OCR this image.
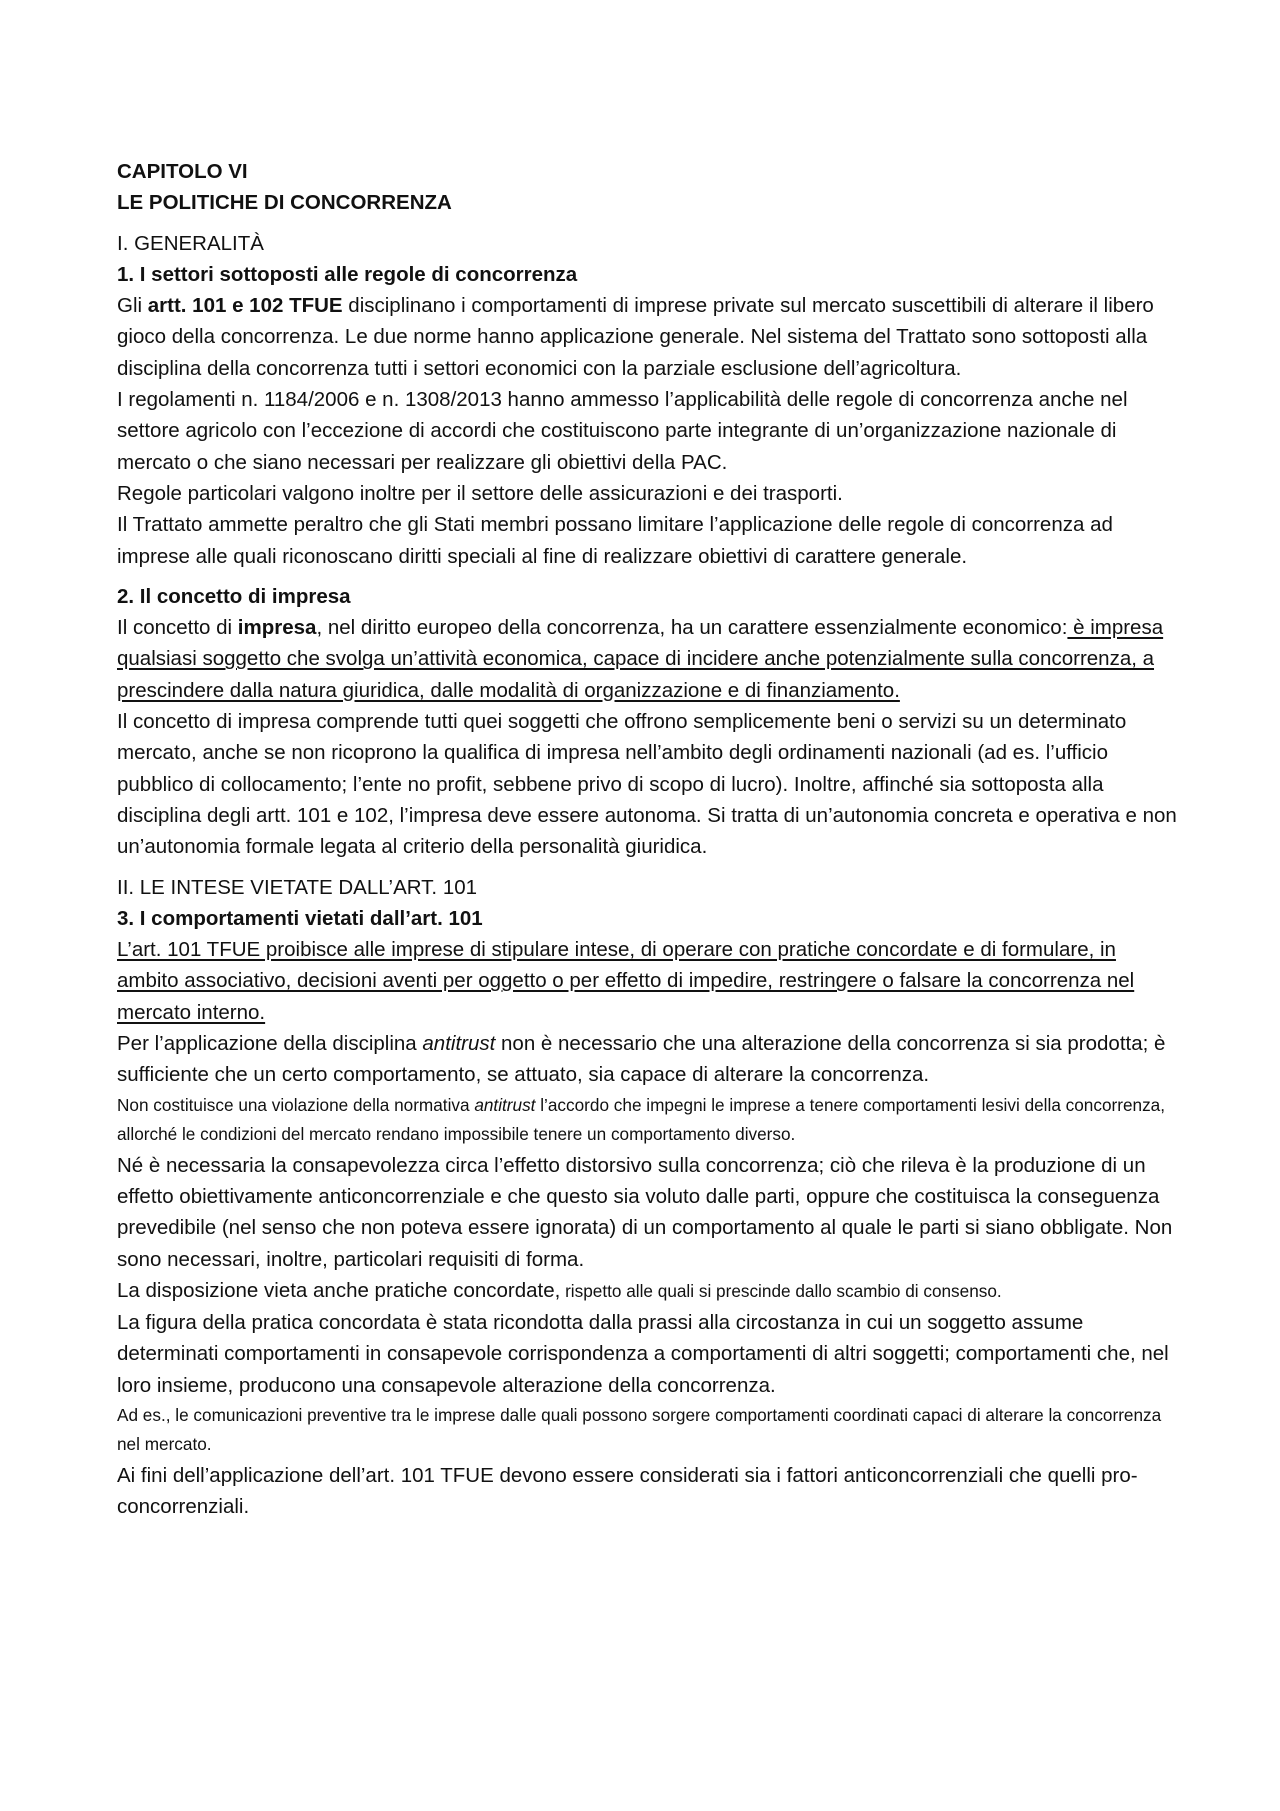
CAPITOLO VI

LE POLITICHE DI CONCORRENZA

I. GENERALITÀ

1. I settori sottoposti alle regole di concorrenza

Gli artt. 101 e 102 TFUE disciplinano i comportamenti di imprese private sul mercato suscettibili di alterare il libero gioco della concorrenza. Le due norme hanno applicazione generale. Nel sistema del Trattato sono sottoposti alla disciplina della concorrenza tutti i settori economici con la parziale esclusione dell’agricoltura.

I regolamenti n. 1184/2006 e n. 1308/2013 hanno ammesso l’applicabilità delle regole di concorrenza anche nel settore agricolo con l’eccezione di accordi che costituiscono parte integrante di un’organizzazione nazionale di mercato o che siano necessari per realizzare gli obiettivi della PAC.

Regole particolari valgono inoltre per il settore delle assicurazioni e dei trasporti.

Il Trattato ammette peraltro che gli Stati membri possano limitare l’applicazione delle regole di concorrenza ad imprese alle quali riconoscano diritti speciali al fine di realizzare obiettivi di carattere generale.

2. Il concetto di impresa

Il concetto di impresa, nel diritto europeo della concorrenza, ha un carattere essenzialmente economico: è impresa qualsiasi soggetto che svolga un’attività economica, capace di incidere anche potenzialmente sulla concorrenza, a prescindere dalla natura giuridica, dalle modalità di organizzazione e di finanziamento.

Il concetto di impresa comprende tutti quei soggetti che offrono semplicemente beni o servizi su un determinato mercato, anche se non ricoprono la qualifica di impresa nell’ambito degli ordinamenti nazionali (ad es. l’ufficio pubblico di collocamento; l’ente no profit, sebbene privo di scopo di lucro). Inoltre, affinché sia sottoposta alla disciplina degli artt. 101 e 102, l’impresa deve essere autonoma. Si tratta di un’autonomia concreta e operativa e non un’autonomia formale legata al criterio della personalità giuridica.

II. LE INTESE VIETATE DALL’ART. 101

3. I comportamenti vietati dall’art. 101

L’art. 101 TFUE proibisce alle imprese di stipulare intese, di operare con pratiche concordate e di formulare, in ambito associativo, decisioni aventi per oggetto o per effetto di impedire, restringere o falsare la concorrenza nel mercato interno.

Per l’applicazione della disciplina antitrust non è necessario che una alterazione della concorrenza si sia prodotta; è sufficiente che un certo comportamento, se attuato, sia capace di alterare la concorrenza.

Non costituisce una violazione della normativa antitrust l’accordo che impegni le imprese a tenere comportamenti lesivi della concorrenza, allorché le condizioni del mercato rendano impossibile tenere un comportamento diverso.

Né è necessaria la consapevolezza circa l’effetto distorsivo sulla concorrenza; ciò che rileva è la produzione di un effetto obiettivamente anticoncorrenziale e che questo sia voluto dalle parti, oppure che costituisca la conseguenza prevedibile (nel senso che non poteva essere ignorata) di un comportamento al quale le parti si siano obbligate. Non sono necessari, inoltre, particolari requisiti di forma.

La disposizione vieta anche pratiche concordate, rispetto alle quali si prescinde dallo scambio di consenso.

La figura della pratica concordata è stata ricondotta dalla prassi alla circostanza in cui un soggetto assume determinati comportamenti in consapevole corrispondenza a comportamenti di altri soggetti; comportamenti che, nel loro insieme, producono una consapevole alterazione della concorrenza.

Ad es., le comunicazioni preventive tra le imprese dalle quali possono sorgere comportamenti coordinati capaci di alterare la concorrenza nel mercato.

Ai fini dell’applicazione dell’art. 101 TFUE devono essere considerati sia i fattori anticoncorrenziali che quelli pro-concorrenziali.
